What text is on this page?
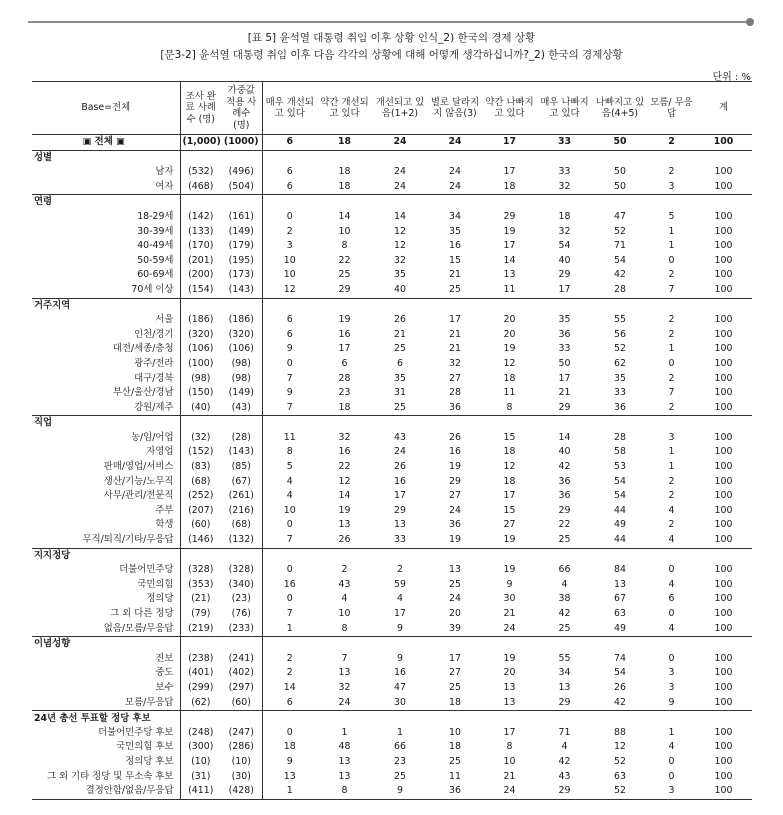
[표 5] 윤석열 대통령 취임 이후 상황 인식_2) 한국의 경제 상황
[문3-2] 윤석열 대통령 취임 이후 다음 각각의 상황에 대해 어떻게 생각하십니까?_2) 한국의 경제상황
단위 : %
Base=전체	조사 완료 사례수 (명)	가중값 적용 사례수 (명)	매우 개선되고 있다	약간 개선되고 있다	개선되고 있음(1+2)	별로 달라지지 않음(3)	약간 나빠지고 있다	매우 나빠지고 있다	나빠지고 있음(4+5)	모름/ 무응답	계
▣ 전체 ▣	(1,000)	(1000)	6	18	24	24	17	33	50	2	100
성별											
남자	(532)	(496)	6	18	24	24	17	33	50	2	100
여자	(468)	(504)	6	18	24	24	18	32	50	3	100
연령											
18-29세	(142)	(161)	0	14	14	34	29	18	47	5	100
30-39세	(133)	(149)	2	10	12	35	19	32	52	1	100
40-49세	(170)	(179)	3	8	12	16	17	54	71	1	100
50-59세	(201)	(195)	10	22	32	15	14	40	54	0	100
60-69세	(200)	(173)	10	25	35	21	13	29	42	2	100
70세 이상	(154)	(143)	12	29	40	25	11	17	28	7	100
거주지역											
서울	(186)	(186)	6	19	26	17	20	35	55	2	100
인천/경기	(320)	(320)	6	16	21	21	20	36	56	2	100
대전/세종/충청	(106)	(106)	9	17	25	21	19	33	52	1	100
광주/전라	(100)	(98)	0	6	6	32	12	50	62	0	100
대구/경북	(98)	(98)	7	28	35	27	18	17	35	2	100
부산/울산/경남	(150)	(149)	9	23	31	28	11	21	33	7	100
강원/제주	(40)	(43)	7	18	25	36	8	29	36	2	100
직업											
농/임/어업	(32)	(28)	11	32	43	26	15	14	28	3	100
자영업	(152)	(143)	8	16	24	16	18	40	58	1	100
판매/영업/서비스	(83)	(85)	5	22	26	19	12	42	53	1	100
생산/기능/노무직	(68)	(67)	4	12	16	29	18	36	54	2	100
사무/관리/전문직	(252)	(261)	4	14	17	27	17	36	54	2	100
주부	(207)	(216)	10	19	29	24	15	29	44	4	100
학생	(60)	(68)	0	13	13	36	27	22	49	2	100
무직/퇴직/기타/무응답	(146)	(132)	7	26	33	19	19	25	44	4	100
지지정당											
더불어민주당	(328)	(328)	0	2	2	13	19	66	84	0	100
국민의힘	(353)	(340)	16	43	59	25	9	4	13	4	100
정의당	(21)	(23)	0	4	4	24	30	38	67	6	100
그 외 다른 정당	(79)	(76)	7	10	17	20	21	42	63	0	100
없음/모름/무응답	(219)	(233)	1	8	9	39	24	25	49	4	100
이념성향											
진보	(238)	(241)	2	7	9	17	19	55	74	0	100
중도	(401)	(402)	2	13	16	27	20	34	54	3	100
보수	(299)	(297)	14	32	47	25	13	13	26	3	100
모름/무응답	(62)	(60)	6	24	30	18	13	29	42	9	100
24년 총선 투표할 정당 후보											
더불어민주당 후보	(248)	(247)	0	1	1	10	17	71	88	1	100
국민의힘 후보	(300)	(286)	18	48	66	18	8	4	12	4	100
정의당 후보	(10)	(10)	9	13	23	25	10	42	52	0	100
그 외 기타 정당 및 무소속 후보	(31)	(30)	13	13	25	11	21	43	63	0	100
결정안함/없음/무응답	(411)	(428)	1	8	9	36	24	29	52	3	100
